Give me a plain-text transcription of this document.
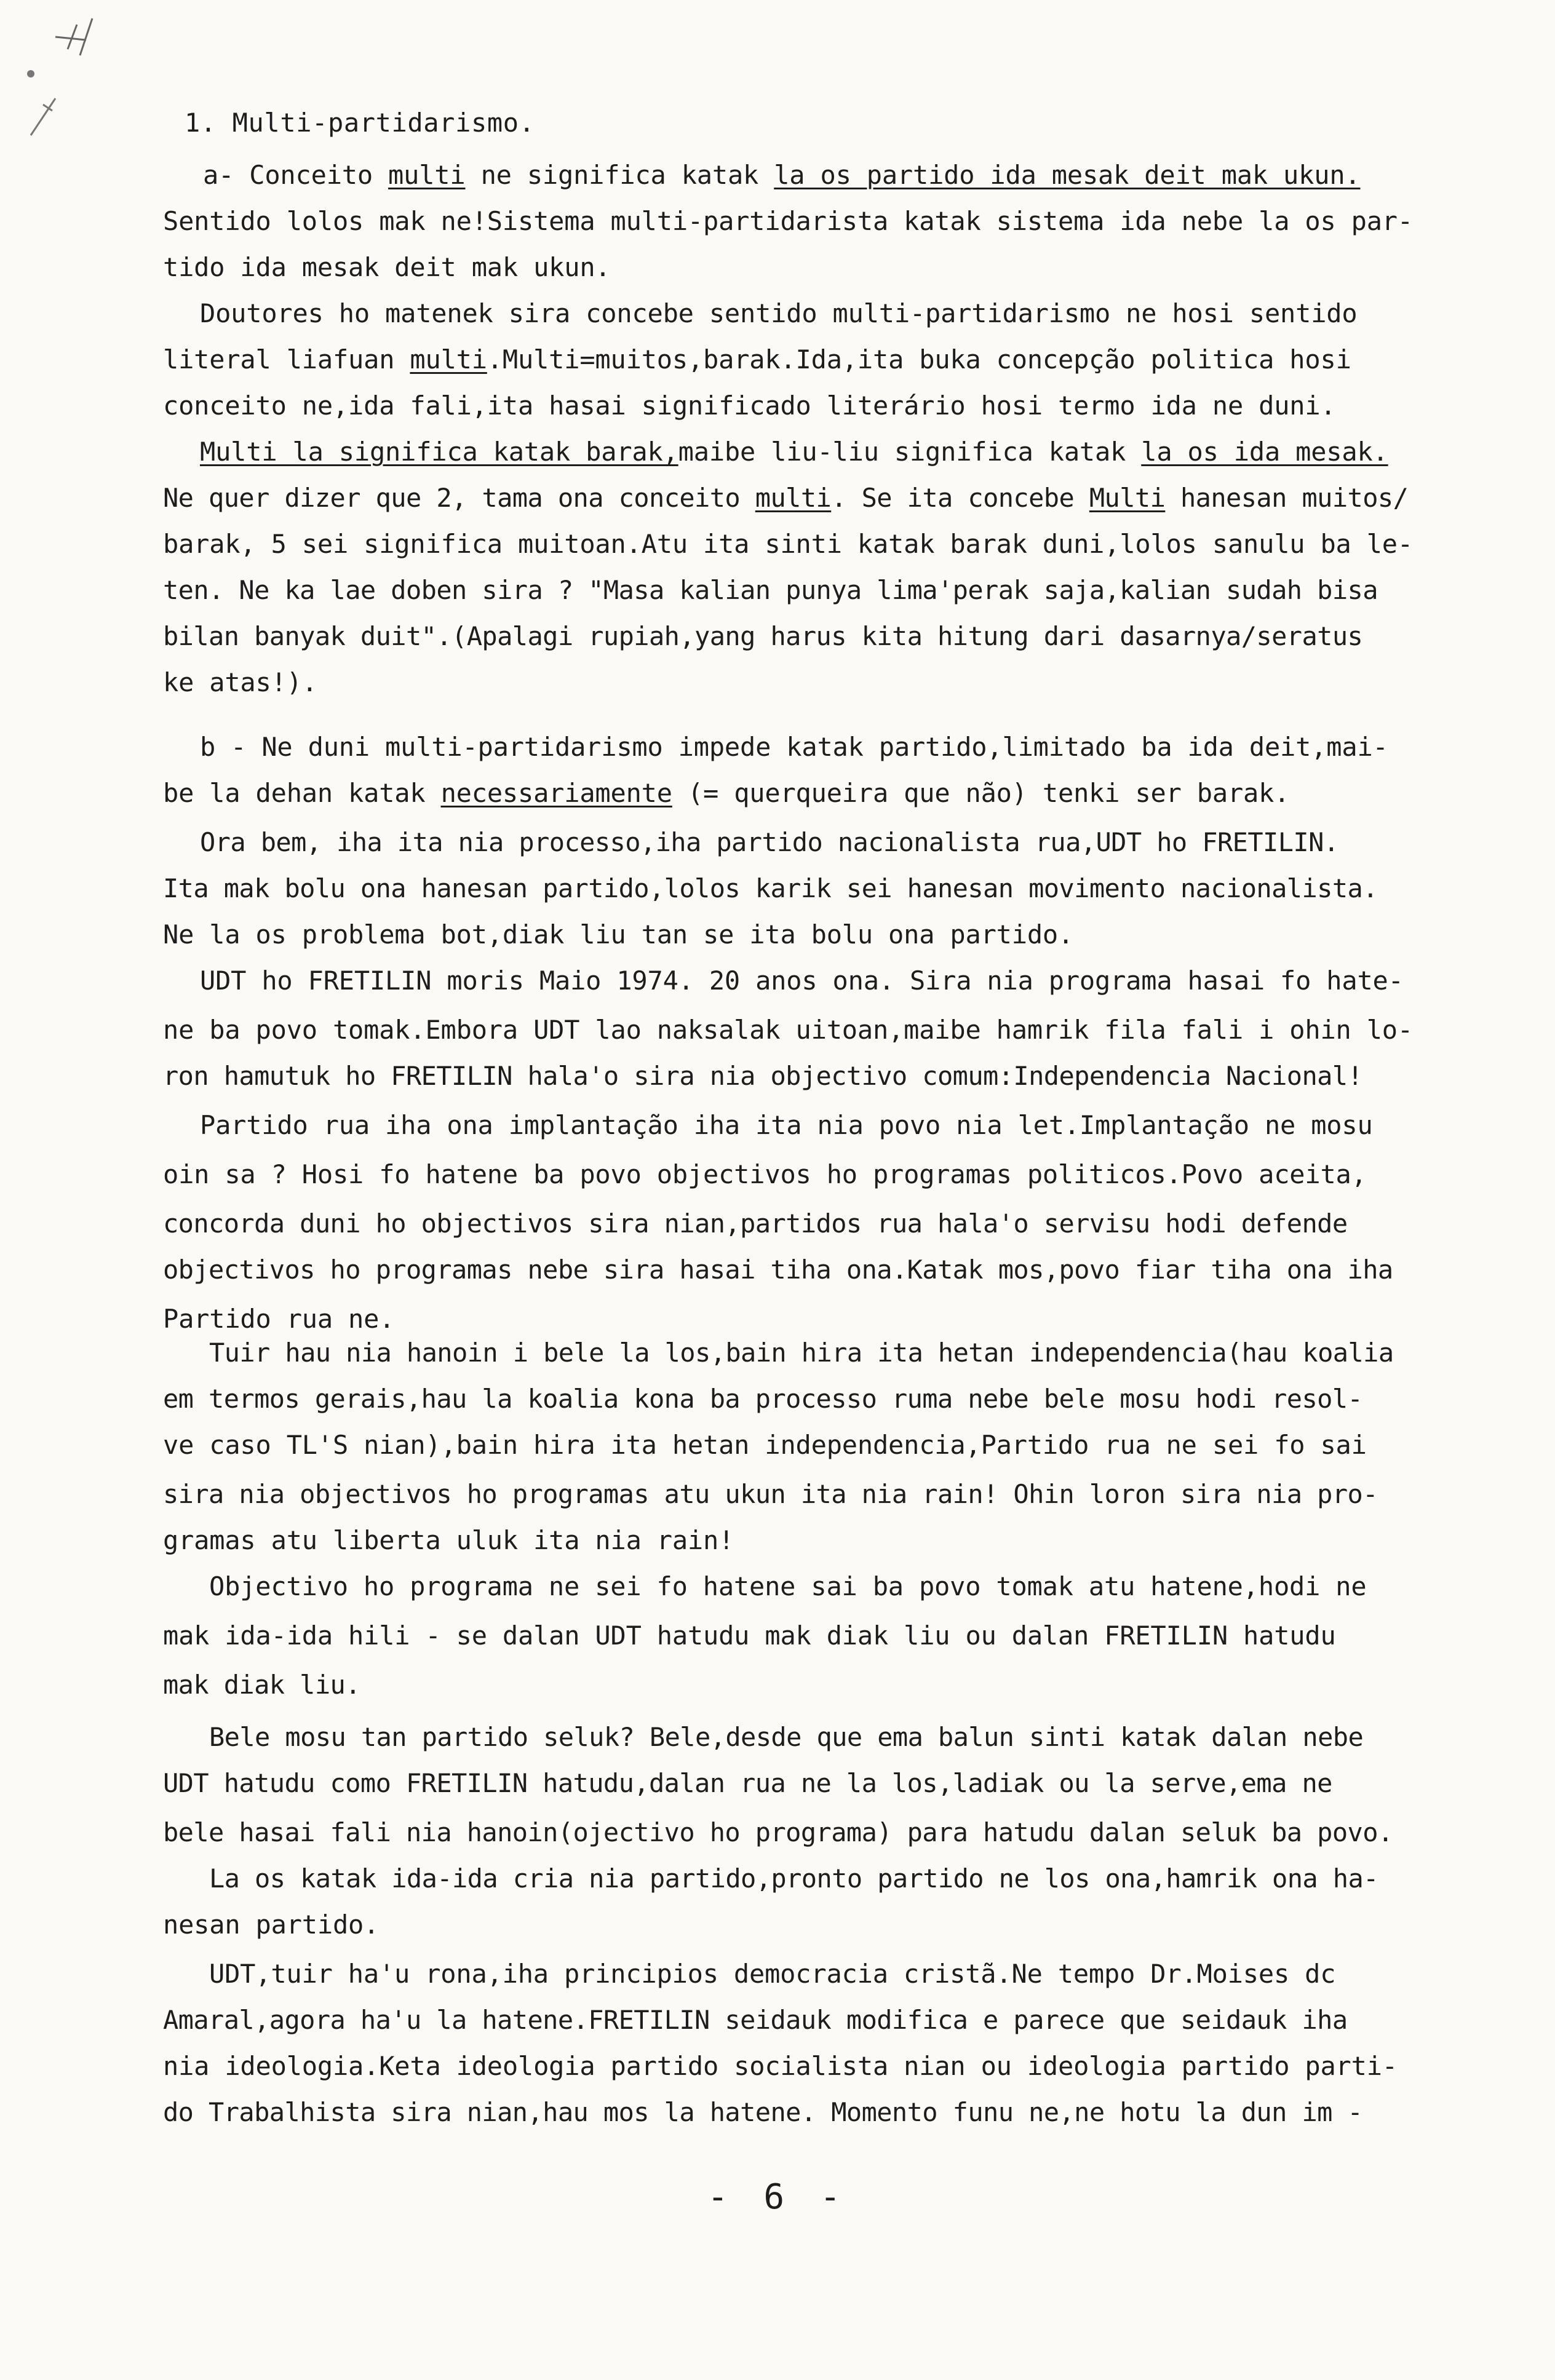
1. Multi-partidarismo.
a- Conceito multi ne significa katak la os partido ida mesak deit mak ukun.
Sentido lolos mak ne!Sistema multi-partidarista katak sistema ida nebe la os par-
tido ida mesak deit mak ukun.
Doutores ho matenek sira concebe sentido multi-partidarismo ne hosi sentido
literal liafuan multi.Multi=muitos,barak.Ida,ita buka concepção politica hosi
conceito ne,ida fali,ita hasai significado literário hosi termo ida ne duni.
Multi la significa katak barak,maibe liu-liu significa katak la os ida mesak.
Ne quer dizer que 2, tama ona conceito multi. Se ita concebe Multi hanesan muitos/
barak, 5 sei significa muitoan.Atu ita sinti katak barak duni,lolos sanulu ba le-
ten. Ne ka lae doben sira ? "Masa kalian punya lima'perak saja,kalian sudah bisa
bilan banyak duit".(Apalagi rupiah,yang harus kita hitung dari dasarnya/seratus
ke atas!).
b - Ne duni multi-partidarismo impede katak partido,limitado ba ida deit,mai-
be la dehan katak necessariamente (= querqueira que não) tenki ser barak.
Ora bem, iha ita nia processo,iha partido nacionalista rua,UDT ho FRETILIN.
Ita mak bolu ona hanesan partido,lolos karik sei hanesan movimento nacionalista.
Ne la os problema bot,diak liu tan se ita bolu ona partido.
UDT ho FRETILIN moris Maio 1974. 20 anos ona. Sira nia programa hasai fo hate-
ne ba povo tomak.Embora UDT lao naksalak uitoan,maibe hamrik fila fali i ohin lo-
ron hamutuk ho FRETILIN hala'o sira nia objectivo comum:Independencia Nacional!
Partido rua iha ona implantação iha ita nia povo nia let.Implantação ne mosu
oin sa ? Hosi fo hatene ba povo objectivos ho programas politicos.Povo aceita,
concorda duni ho objectivos sira nian,partidos rua hala'o servisu hodi defende
objectivos ho programas nebe sira hasai tiha ona.Katak mos,povo fiar tiha ona iha
Partido rua ne.
Tuir hau nia hanoin i bele la los,bain hira ita hetan independencia(hau koalia
em termos gerais,hau la koalia kona ba processo ruma nebe bele mosu hodi resol-
ve caso TL'S nian),bain hira ita hetan independencia,Partido rua ne sei fo sai
sira nia objectivos ho programas atu ukun ita nia rain! Ohin loron sira nia pro-
gramas atu liberta uluk ita nia rain!
Objectivo ho programa ne sei fo hatene sai ba povo tomak atu hatene,hodi ne
mak ida-ida hili - se dalan UDT hatudu mak diak liu ou dalan FRETILIN hatudu
mak diak liu.
Bele mosu tan partido seluk? Bele,desde que ema balun sinti katak dalan nebe
UDT hatudu como FRETILIN hatudu,dalan rua ne la los,ladiak ou la serve,ema ne
bele hasai fali nia hanoin(ojectivo ho programa) para hatudu dalan seluk ba povo.
La os katak ida-ida cria nia partido,pronto partido ne los ona,hamrik ona ha-
nesan partido.
UDT,tuir ha'u rona,iha principios democracia cristã.Ne tempo Dr.Moises dc
Amaral,agora ha'u la hatene.FRETILIN seidauk modifica e parece que seidauk iha
nia ideologia.Keta ideologia partido socialista nian ou ideologia partido parti-
do Trabalhista sira nian,hau mos la hatene. Momento funu ne,ne hotu la dun im -
- 6 -
